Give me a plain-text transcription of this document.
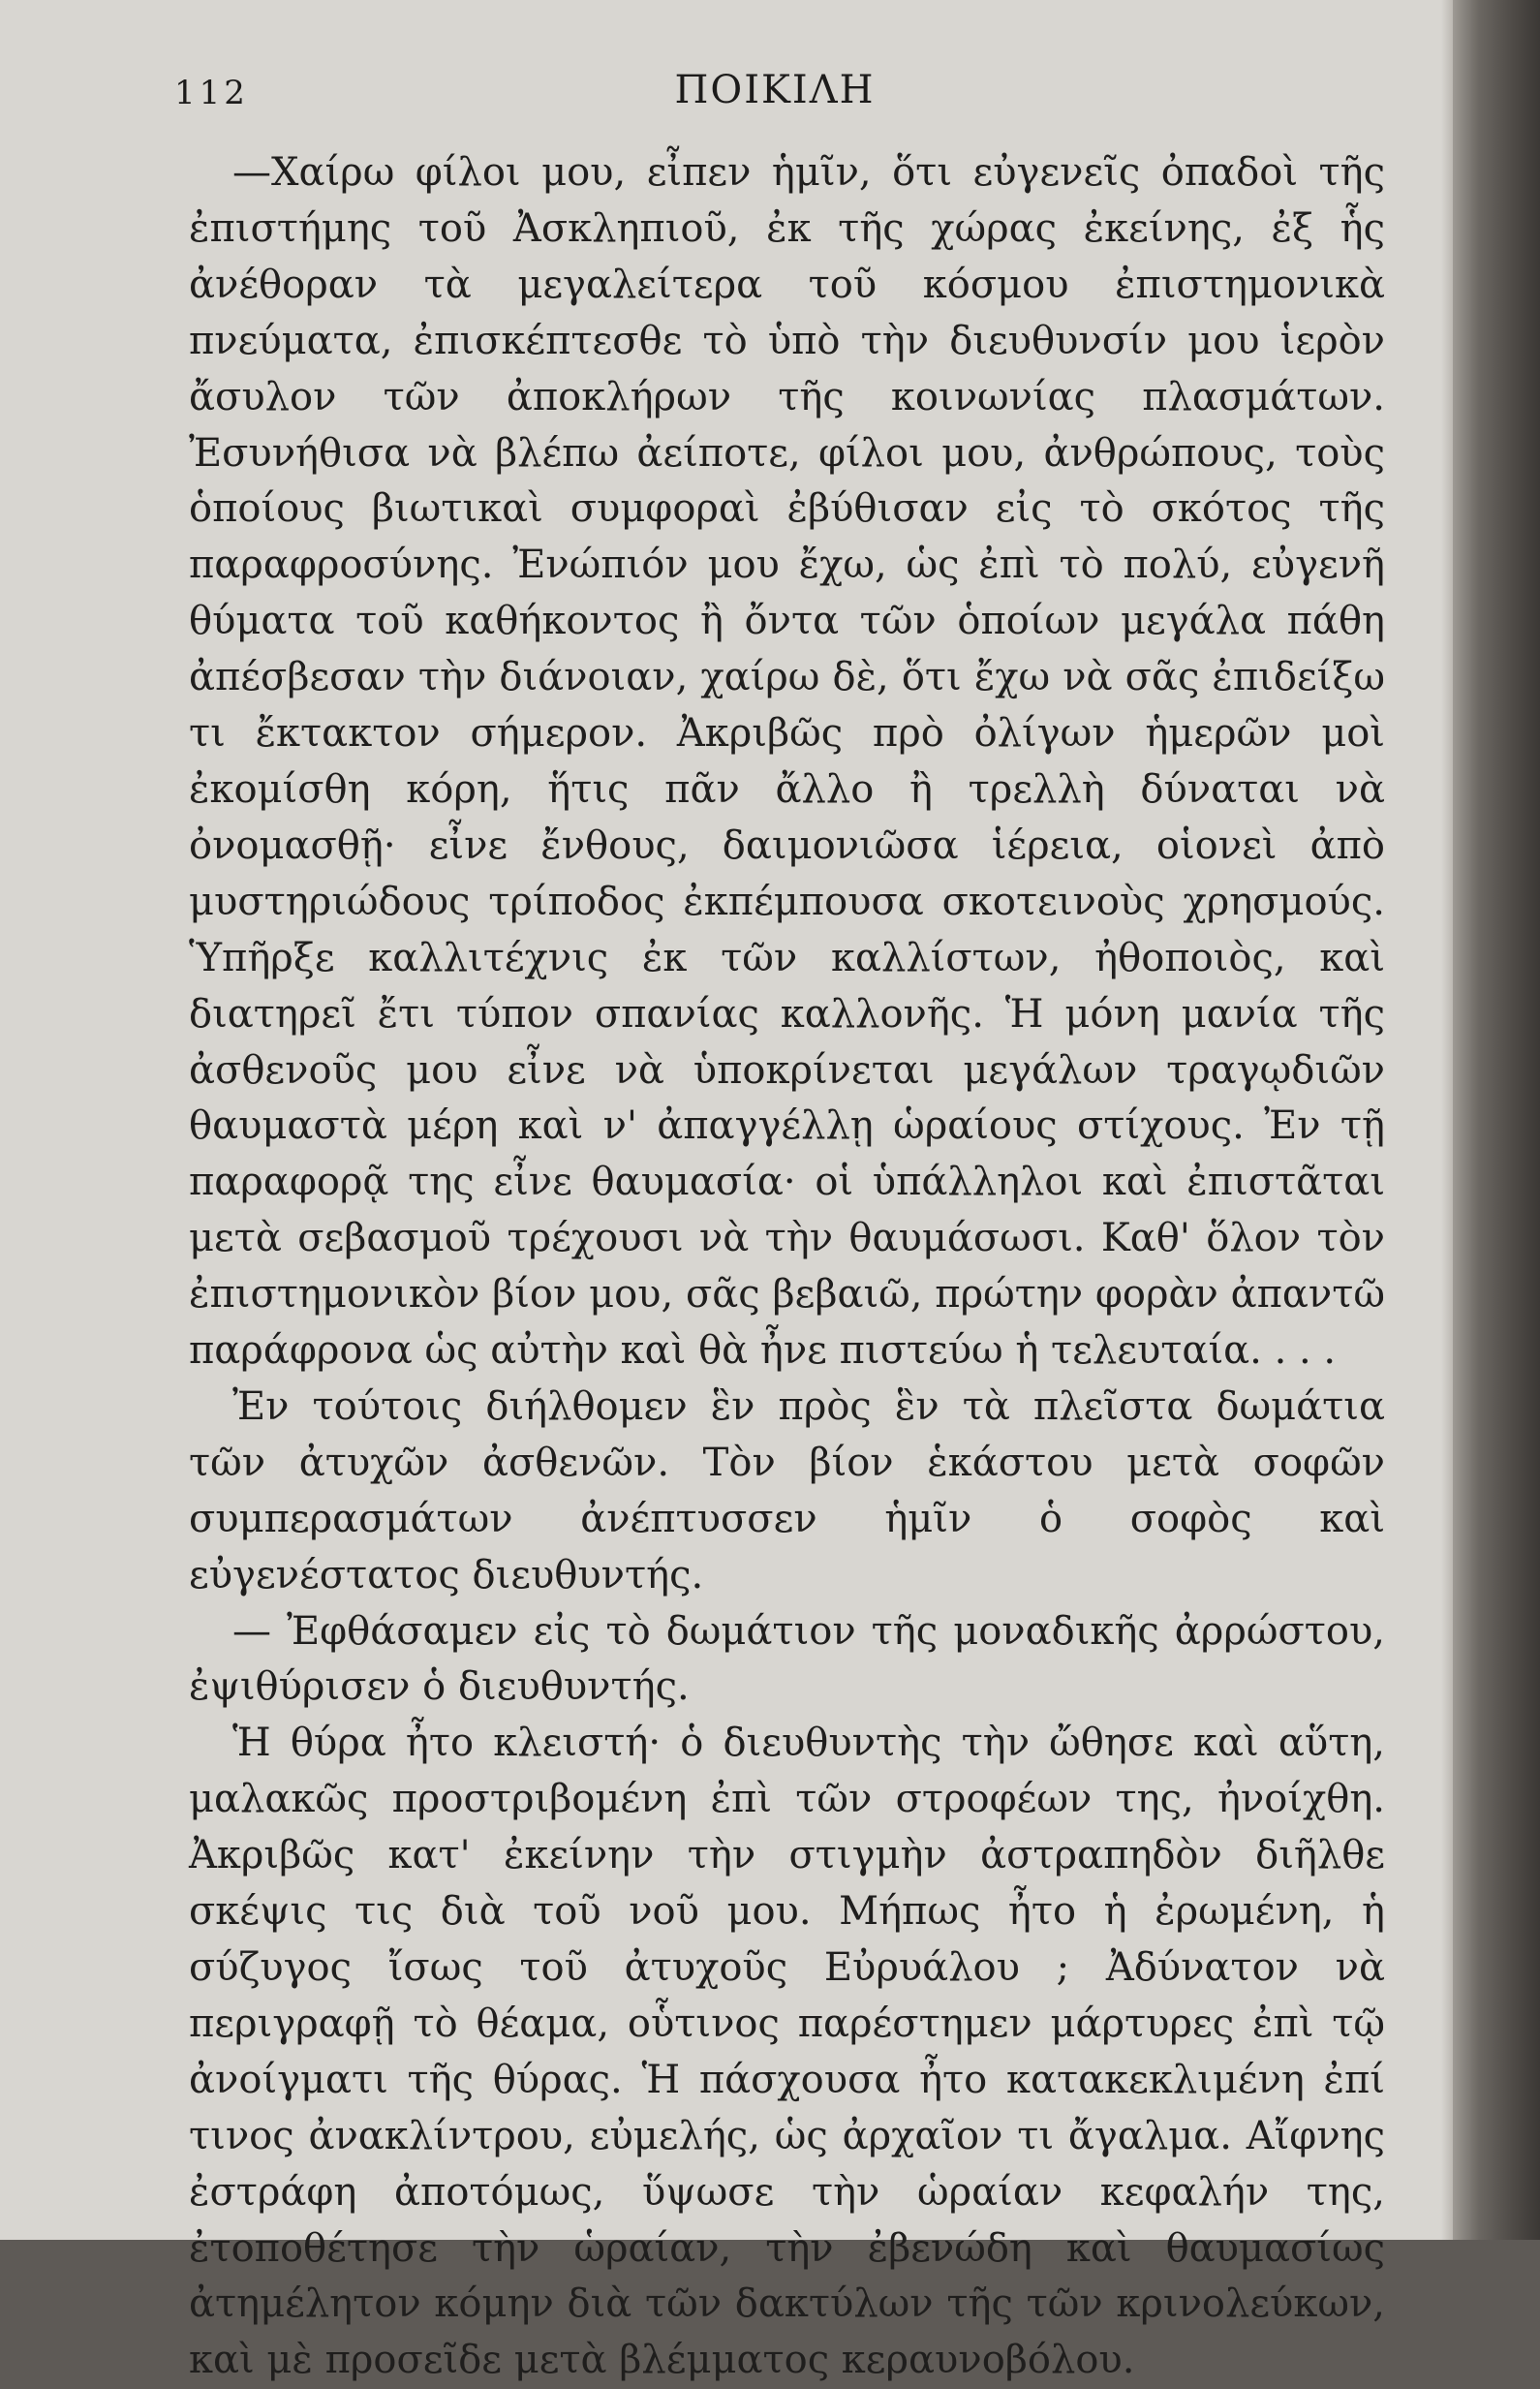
112	ΠΟΙΚΙΛΗ

—Χαίρω φίλοι μου, εἶπεν ἡμῖν, ὅτι εὐγενεῖς ὀπαδοὶ τῆς ἐπιστήμης τοῦ Ἀσκληπιοῦ, ἐκ τῆς χώρας ἐκείνης, ἐξ ἧς ἀνέθοραν τὰ μεγαλείτερα τοῦ κόσμου ἐπιστημονικὰ πνεύματα, ἐπισκέπτεσθε τὸ ὑπὸ τὴν διευθυνσίν μου ἱερὸν ἄσυλον τῶν ἀποκλήρων τῆς κοινωνίας πλασμάτων. Ἐσυνήθισα νὰ βλέπω ἀείποτε, φίλοι μου, ἀνθρώπους, τοὺς ὁποίους βιωτικαὶ συμφοραὶ ἐβύθισαν εἰς τὸ σκότος τῆς παραφροσύνης. Ἐνώπιόν μου ἔχω, ὡς ἐπὶ τὸ πολύ, εὐγενῆ θύματα τοῦ καθήκοντος ἢ ὄντα τῶν ὁποίων μεγάλα πάθη ἀπέσβεσαν τὴν διάνοιαν, χαίρω δὲ, ὅτι ἔχω νὰ σᾶς ἐπιδείξω τι ἔκτακτον σήμερον. Ἀκριβῶς πρὸ ὀλίγων ἡμερῶν μοὶ ἐκομίσθη κόρη, ἥτις πᾶν ἄλλο ἢ τρελλὴ δύναται νὰ ὀνομασθῇ· εἶνε ἔνθους, δαιμονιῶσα ἱέρεια, οἱονεὶ ἀπὸ μυστηριώδους τρίποδος ἐκπέμπουσα σκοτεινοὺς χρησμούς. Ὑπῆρξε καλλιτέχνις ἐκ τῶν καλλίστων, ἠθοποιὸς, καὶ διατηρεῖ ἔτι τύπον σπανίας καλλονῆς. Ἡ μόνη μανία τῆς ἀσθενοῦς μου εἶνε νὰ ὑποκρίνεται μεγάλων τραγῳδιῶν θαυμαστὰ μέρη καὶ ν' ἀπαγγέλλῃ ὡραίους στίχους. Ἐν τῇ παραφορᾷ της εἶνε θαυμασία· οἱ ὑπάλληλοι καὶ ἐπιστᾶται μετὰ σεβασμοῦ τρέχουσι νὰ τὴν θαυμάσωσι. Καθ' ὅλον τὸν ἐπιστημονικὸν βίον μου, σᾶς βεβαιῶ, πρώτην φορὰν ἀπαντῶ παράφρονα ὡς αὐτὴν καὶ θὰ ἦνε πιστεύω ἡ τελευταία. . . .

Ἐν τούτοις διήλθομεν ἓν πρὸς ἓν τὰ πλεῖστα δωμάτια τῶν ἀτυχῶν ἀσθενῶν. Τὸν βίον ἑκάστου μετὰ σοφῶν συμπερασμάτων ἀνέπτυσσεν ἡμῖν ὁ σοφὸς καὶ εὐγενέστατος διευθυντής.

— Ἐφθάσαμεν εἰς τὸ δωμάτιον τῆς μοναδικῆς ἀρρώστου, ἐψιθύρισεν ὁ διευθυντής.

Ἡ θύρα ἦτο κλειστή· ὁ διευθυντὴς τὴν ὤθησε καὶ αὕτη, μαλακῶς προστριβομένη ἐπὶ τῶν στροφέων της, ἠνοίχθη. Ἀκριβῶς κατ' ἐκείνην τὴν στιγμὴν ἀστραπηδὸν διῆλθε σκέψις τις διὰ τοῦ νοῦ μου. Μήπως ἦτο ἡ ἐρωμένη, ἡ σύζυγος ἴσως τοῦ ἀτυχοῦς Εὐρυάλου ; Ἀδύνατον νὰ περιγραφῇ τὸ θέαμα, οὗτινος παρέστημεν μάρτυρες ἐπὶ τῷ ἀνοίγματι τῆς θύρας. Ἡ πάσχουσα ἦτο κατακεκλιμένη ἐπί τινος ἀνακλίντρου, εὐμελής, ὡς ἀρχαῖον τι ἄγαλμα. Αἴφνης ἐστράφη ἀποτόμως, ὕψωσε τὴν ὡραίαν κεφαλήν της, ἐτοποθέτησε τὴν ὡραίαν, τὴν ἐβενώδη καὶ θαυμασίως ἀτημέλητον κόμην διὰ τῶν δακτύλων τῆς τῶν κρινολεύκων, καὶ μὲ προσεῖδε μετὰ βλέμματος κεραυνοβόλου.
